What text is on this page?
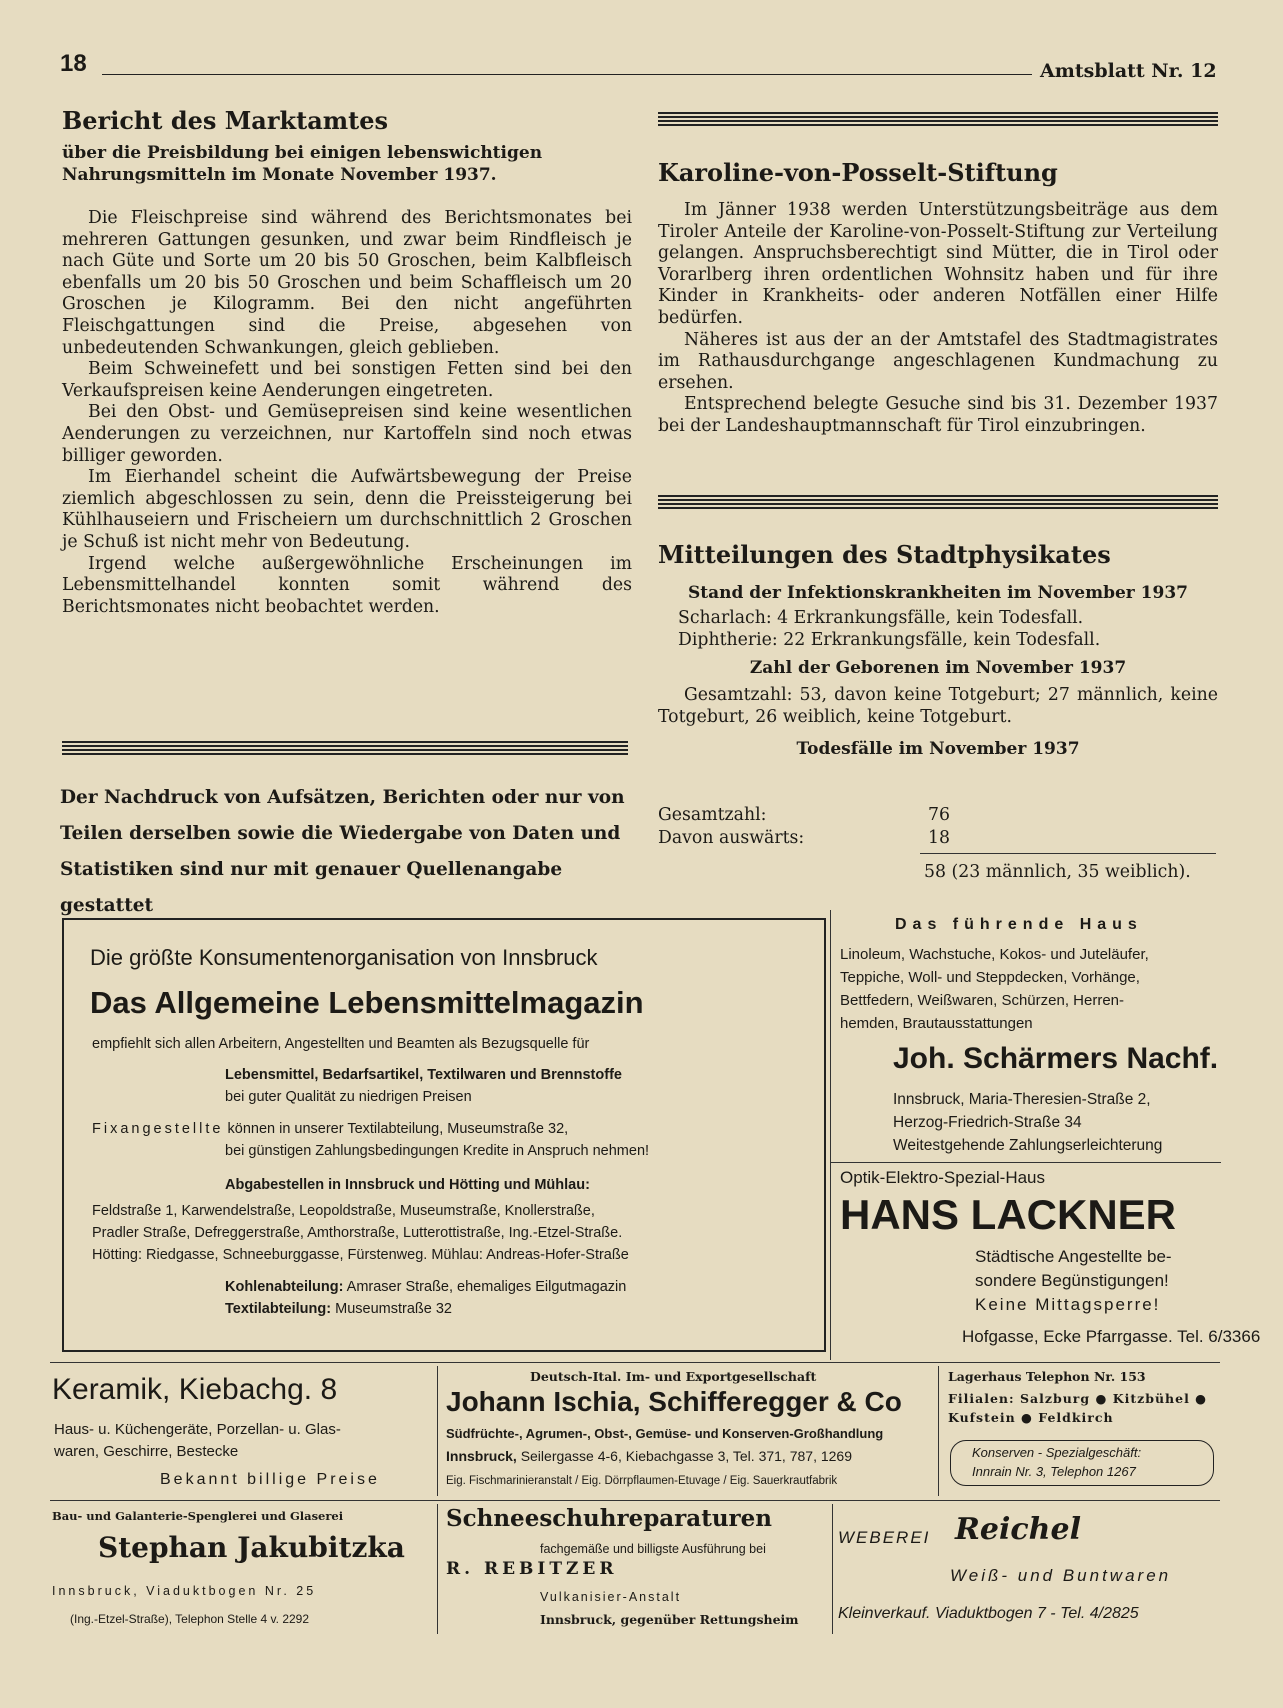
18	Amtsblatt Nr. 12
Bericht des Marktamtes
über die Preisbildung bei einigen lebenswichtigen Nahrungsmitteln im Monate November 1937.

Die Fleischpreise sind während des Berichtsmonates bei mehreren Gattungen gesunken, und zwar beim Rindfleisch je nach Güte und Sorte um 20 bis 50 Groschen, beim Kalbfleisch ebenfalls um 20 bis 50 Groschen und beim Schaffleisch um 20 Groschen je Kilogramm. Bei den nicht angeführten Fleischgattungen sind die Preise, abgesehen von unbedeutenden Schwankungen, gleich geblieben.

Beim Schweinefett und bei sonstigen Fetten sind bei den Verkaufspreisen keine Aenderungen eingetreten.

Bei den Obst- und Gemüsepreisen sind keine wesentlichen Aenderungen zu verzeichnen, nur Kartoffeln sind noch etwas billiger geworden.

Im Eierhandel scheint die Aufwärtsbewegung der Preise ziemlich abgeschlossen zu sein, denn die Preissteigerung bei Kühlhauseiern und Frischeiern um durchschnittlich 2 Groschen je Schuß ist nicht mehr von Bedeutung.

Irgend welche außergewöhnliche Erscheinungen im Lebensmittelhandel konnten somit während des Berichtsmonates nicht beobachtet werden.

Der Nachdruck von Aufsätzen, Berichten oder nur von
Teilen derselben sowie die Wiedergabe von Daten und
Statistiken sind nur mit genauer Quellenangabe gestattet
Karoline-von-Posselt-Stiftung

Im Jänner 1938 werden Unterstützungsbeiträge aus dem Tiroler Anteile der Karoline-von-Posselt-Stiftung zur Verteilung gelangen. Anspruchsberechtigt sind Mütter, die in Tirol oder Vorarlberg ihren ordentlichen Wohnsitz haben und für ihre Kinder in Krankheits- oder anderen Notfällen einer Hilfe bedürfen.

Näheres ist aus der an der Amtstafel des Stadtmagistrates im Rathausdurchgange angeschlagenen Kundmachung zu ersehen.

Entsprechend belegte Gesuche sind bis 31. Dezember 1937 bei der Landeshauptmannschaft für Tirol einzubringen.

Mitteilungen des Stadtphysikates
Stand der Infektionskrankheiten im November 1937
Scharlach: 4 Erkrankungsfälle, kein Todesfall.
Diphtherie: 22 Erkrankungsfälle, kein Todesfall.
Zahl der Geborenen im November 1937

Gesamtzahl: 53, davon keine Totgeburt; 27 männlich, keine Totgeburt, 26 weiblich, keine Totgeburt.

Todesfälle im November 1937
Gesamtzahl:	76
Davon auswärts:	18
58 (23 männlich, 35 weiblich).
Die größte Konsumentenorganisation von Innsbruck
Das Allgemeine Lebensmittelmagazin
empfiehlt sich allen Arbeitern, Angestellten und Beamten als Bezugsquelle für
Lebensmittel, Bedarfsartikel, Textilwaren und Brennstoffe
bei guter Qualität zu niedrigen Preisen
Fixangestellte können in unserer Textilabteilung, Museumstraße 32,
bei günstigen Zahlungsbedingungen Kredite in Anspruch nehmen!
Abgabestellen in Innsbruck und Hötting und Mühlau:
Feldstraße 1, Karwendelstraße, Leopoldstraße, Museumstraße, Knollerstraße,
Pradler Straße, Defreggerstraße, Amthorstraße, Lutterottistraße, Ing.-Etzel-Straße.
Hötting: Riedgasse, Schneeburggasse, Fürstenweg. Mühlau: Andreas-Hofer-Straße
Kohlenabteilung: Amraser Straße, ehemaliges Eilgutmagazin
Textilabteilung: Museumstraße 32
Das führende Haus
Linoleum, Wachstuche, Kokos- und Juteläufer,
Teppiche, Woll- und Steppdecken, Vorhänge,
Bettfedern, Weißwaren, Schürzen, Herren-
hemden, Brautausstattungen
Joh. Schärmers Nachf.
Innsbruck, Maria-Theresien-Straße 2,
Herzog-Friedrich-Straße 34
Weitestgehende Zahlungserleichterung
Optik-Elektro-Spezial-Haus
HANS LACKNER
Städtische Angestellte be-
sondere Begünstigungen!
Keine Mittagsperre!
Hofgasse, Ecke Pfarrgasse. Tel. 6/3366
Keramik, Kiebachg. 8
Haus- u. Küchengeräte, Porzellan- u. Glas-
waren, Geschirre, Bestecke
Bekannt billige Preise
Deutsch-Ital. Im- und Exportgesellschaft
Johann Ischia, Schifferegger & Co
Südfrüchte-, Agrumen-, Obst-, Gemüse- und Konserven-Großhandlung
Innsbruck, Seilergasse 4-6, Kiebachgasse 3, Tel. 371, 787, 1269
Eig. Fischmarinieranstalt / Eig. Dörrpflaumen-Etuvage / Eig. Sauerkrautfabrik
Lagerhaus Telephon Nr. 153
Filialen: Salzburg ● Kitzbühel ● Kufstein ● Feldkirch
Konserven - Spezialgeschäft:
Innrain Nr. 3, Telephon 1267
Bau- und Galanterie-Spenglerei und Glaserei
Stephan Jakubitzka
Innsbruck, Viaduktbogen Nr. 25
(Ing.-Etzel-Straße), Telephon Stelle 4 v. 2292
Schneeschuhreparaturen
fachgemäße und billigste Ausführung bei
R. REBITZER
Vulkanisier-Anstalt
Innsbruck, gegenüber Rettungsheim
WEBEREI Reichel
Weiß- und Buntwaren
Kleinverkauf. Viaduktbogen 7 - Tel. 4/2825
